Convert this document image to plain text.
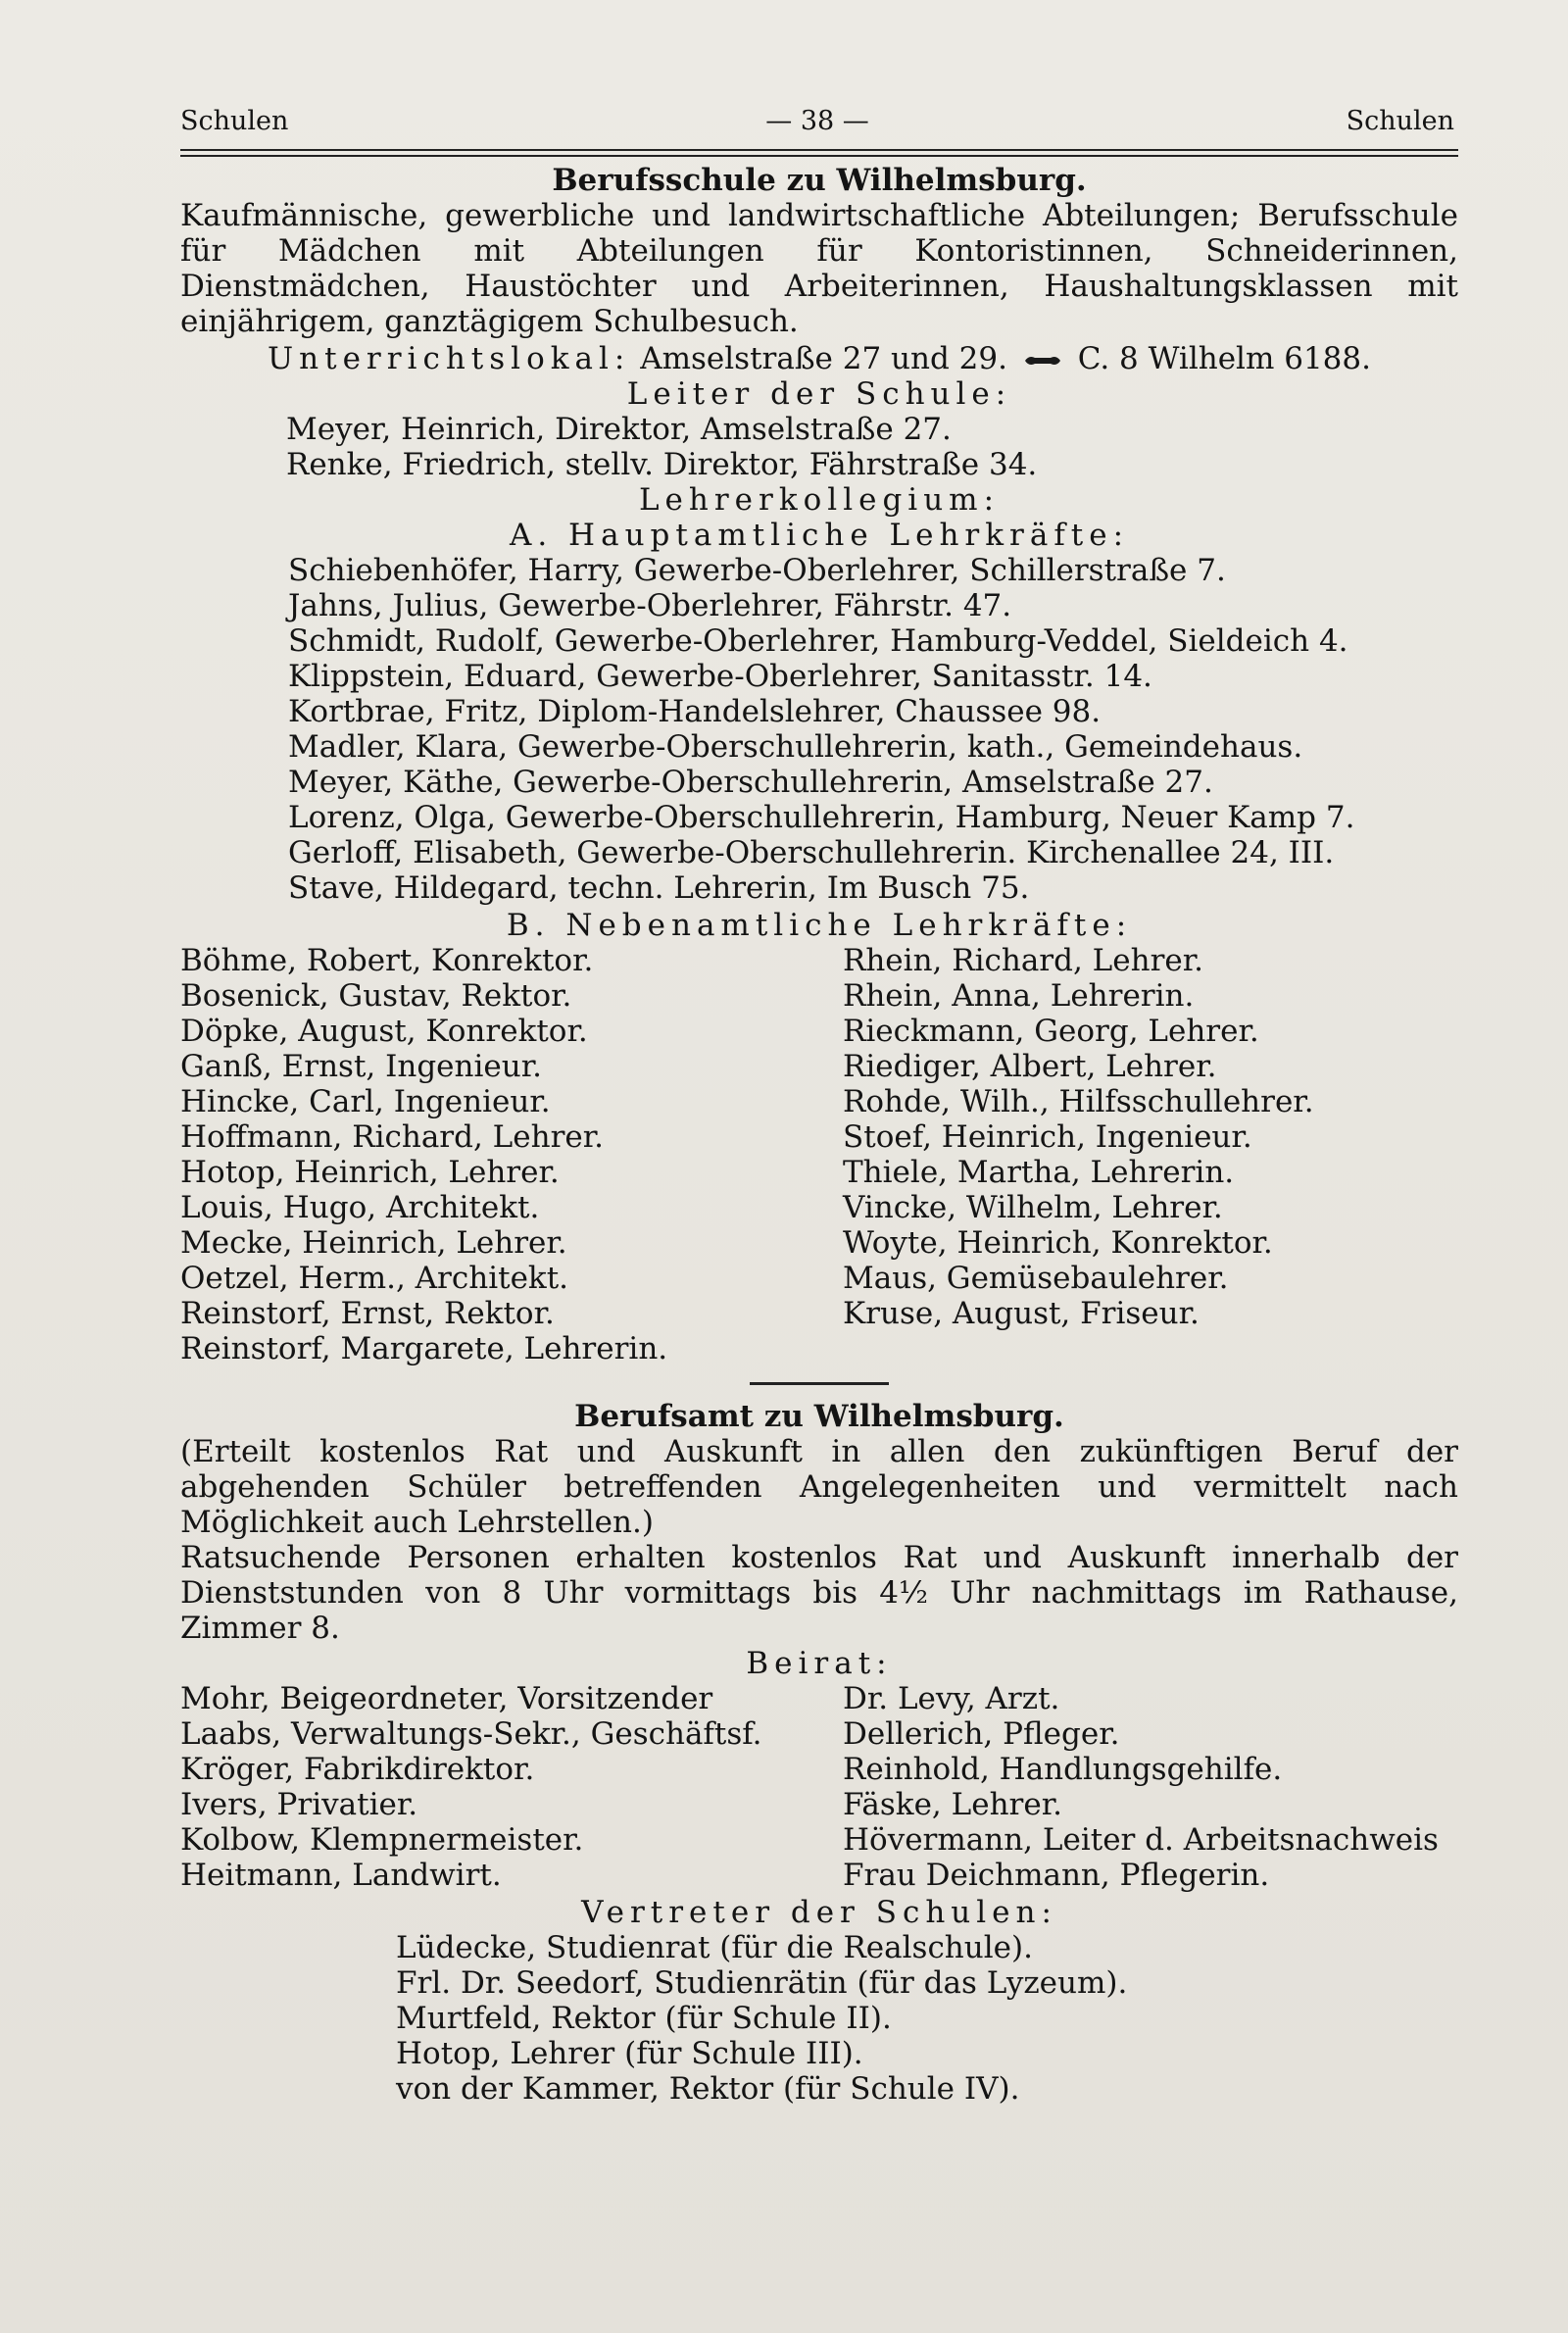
Schulen	— 38 —	Schulen
Berufsschule zu Wilhelmsburg.
Kaufmännische, gewerbliche und landwirtschaftliche Abteilungen; Berufsschule für Mädchen mit Abteilungen für Kontoristinnen, Schneiderinnen, Dienstmädchen, Haustöchter und Arbeiterinnen, Haushaltungsklassen mit einjährigem, ganztägigem Schulbesuch.
Unterrichtslokal: Amselstraße 27 und 29. C. 8 Wilhelm 6188.
Leiter der Schule:
Meyer, Heinrich, Direktor, Amselstraße 27.
Renke, Friedrich, stellv. Direktor, Fährstraße 34.
Lehrerkollegium:
A. Hauptamtliche Lehrkräfte:
Schiebenhöfer, Harry, Gewerbe-Oberlehrer, Schillerstraße 7.
Jahns, Julius, Gewerbe-Oberlehrer, Fährstr. 47.
Schmidt, Rudolf, Gewerbe-Oberlehrer, Hamburg-Veddel, Sieldeich 4.
Klippstein, Eduard, Gewerbe-Oberlehrer, Sanitasstr. 14.
Kortbrae, Fritz, Diplom-Handelslehrer, Chaussee 98.
Madler, Klara, Gewerbe-Oberschullehrerin, kath., Gemeindehaus.
Meyer, Käthe, Gewerbe-Oberschullehrerin, Amselstraße 27.
Lorenz, Olga, Gewerbe-Oberschullehrerin, Hamburg, Neuer Kamp 7.
Gerloff, Elisabeth, Gewerbe-Oberschullehrerin. Kirchenallee 24, III.
Stave, Hildegard, techn. Lehrerin, Im Busch 75.
B. Nebenamtliche Lehrkräfte:
Böhme, Robert, Konrektor.
Bosenick, Gustav, Rektor.
Döpke, August, Konrektor.
Ganß, Ernst, Ingenieur.
Hincke, Carl, Ingenieur.
Hoffmann, Richard, Lehrer.
Hotop, Heinrich, Lehrer.
Louis, Hugo, Architekt.
Mecke, Heinrich, Lehrer.
Oetzel, Herm., Architekt.
Reinstorf, Ernst, Rektor.
Reinstorf, Margarete, Lehrerin.
Rhein, Richard, Lehrer.
Rhein, Anna, Lehrerin.
Rieckmann, Georg, Lehrer.
Riediger, Albert, Lehrer.
Rohde, Wilh., Hilfsschullehrer.
Stoef, Heinrich, Ingenieur.
Thiele, Martha, Lehrerin.
Vincke, Wilhelm, Lehrer.
Woyte, Heinrich, Konrektor.
Maus, Gemüsebaulehrer.
Kruse, August, Friseur.
Berufsamt zu Wilhelmsburg.
(Erteilt kostenlos Rat und Auskunft in allen den zukünftigen Beruf der abgehenden Schüler betreffenden Angelegenheiten und vermittelt nach Möglichkeit auch Lehrstellen.)
Ratsuchende Personen erhalten kostenlos Rat und Auskunft innerhalb der Dienststunden von 8 Uhr vormittags bis 4½ Uhr nachmittags im Rathause, Zimmer 8.
Beirat:
Mohr, Beigeordneter, Vorsitzender
Laabs, Verwaltungs-Sekr., Geschäftsf.
Kröger, Fabrikdirektor.
Ivers, Privatier.
Kolbow, Klempnermeister.
Heitmann, Landwirt.
Dr. Levy, Arzt.
Dellerich, Pfleger.
Reinhold, Handlungsgehilfe.
Fäske, Lehrer.
Hövermann, Leiter d. Arbeitsnachweis
Frau Deichmann, Pflegerin.
Vertreter der Schulen:
Lüdecke, Studienrat (für die Realschule).
Frl. Dr. Seedorf, Studienrätin (für das Lyzeum).
Murtfeld, Rektor (für Schule II).
Hotop, Lehrer (für Schule III).
von der Kammer, Rektor (für Schule IV).
